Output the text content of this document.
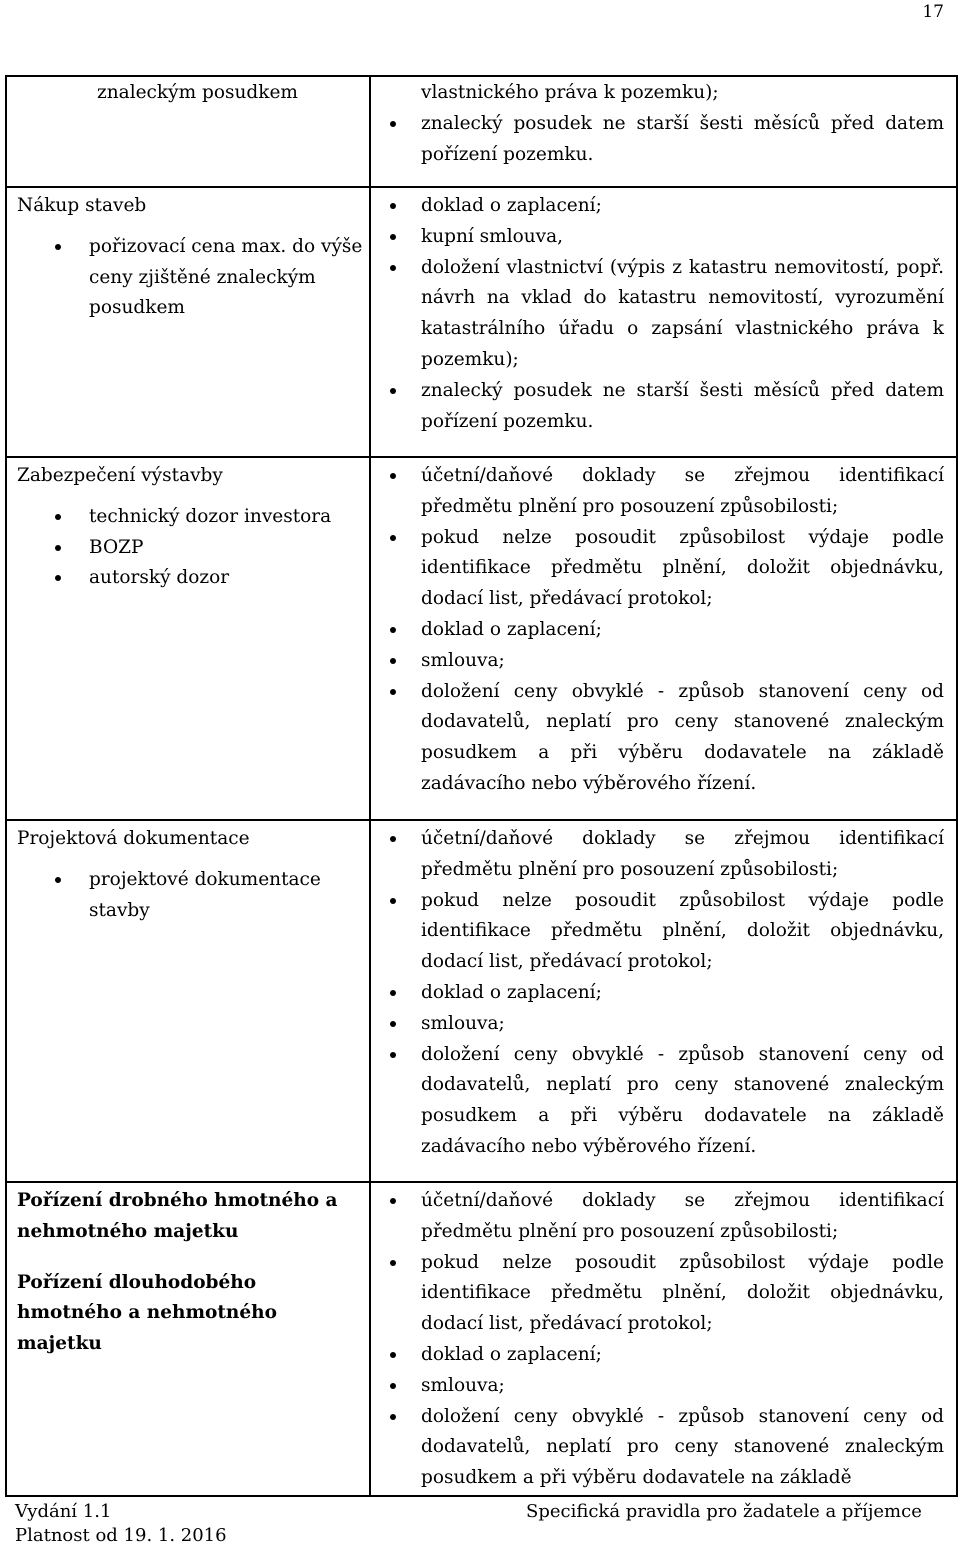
17
znaleckým posudkem	vlastnického práva k pozemku);
znalecký posudek ne starší šesti měsíců před datem pořízení pozemku.
Nákup staveb
pořizovací cena max. do výše ceny zjištěné znaleckým posudkem
doklad o zaplacení;
kupní smlouva,
doložení vlastnictví (výpis z katastru nemovitostí, popř. návrh na vklad do katastru nemovitostí, vyrozumění katastrálního úřadu o zapsání vlastnického práva k pozemku);
znalecký posudek ne starší šesti měsíců před datem pořízení pozemku.
Zabezpečení výstavby
technický dozor investora
BOZP
autorský dozor
účetní/daňové doklady se zřejmou identifikací předmětu plnění pro posouzení způsobilosti;
pokud nelze posoudit způsobilost výdaje podle identifikace předmětu plnění, doložit objednávku, dodací list, předávací protokol;
doklad o zaplacení;
smlouva;
doložení ceny obvyklé - způsob stanovení ceny od dodavatelů, neplatí pro ceny stanovené znaleckým posudkem a při výběru dodavatele na základě zadávacího nebo výběrového řízení.
Projektová dokumentace
projektové dokumentace stavby
účetní/daňové doklady se zřejmou identifikací předmětu plnění pro posouzení způsobilosti;
pokud nelze posoudit způsobilost výdaje podle identifikace předmětu plnění, doložit objednávku, dodací list, předávací protokol;
doklad o zaplacení;
smlouva;
doložení ceny obvyklé - způsob stanovení ceny od dodavatelů, neplatí pro ceny stanovené znaleckým posudkem a při výběru dodavatele na základě zadávacího nebo výběrového řízení.
Pořízení drobného hmotného a nehmotného majetku
Pořízení dlouhodobého hmotného a nehmotného majetku
účetní/daňové doklady se zřejmou identifikací předmětu plnění pro posouzení způsobilosti;
pokud nelze posoudit způsobilost výdaje podle identifikace předmětu plnění, doložit objednávku, dodací list, předávací protokol;
doklad o zaplacení;
smlouva;
doložení ceny obvyklé - způsob stanovení ceny od dodavatelů, neplatí pro ceny stanovené znaleckým posudkem a při výběru dodavatele na základě
Vydání 1.1
Platnost od 19. 1. 2016
Specifická pravidla pro žadatele a příjemce
